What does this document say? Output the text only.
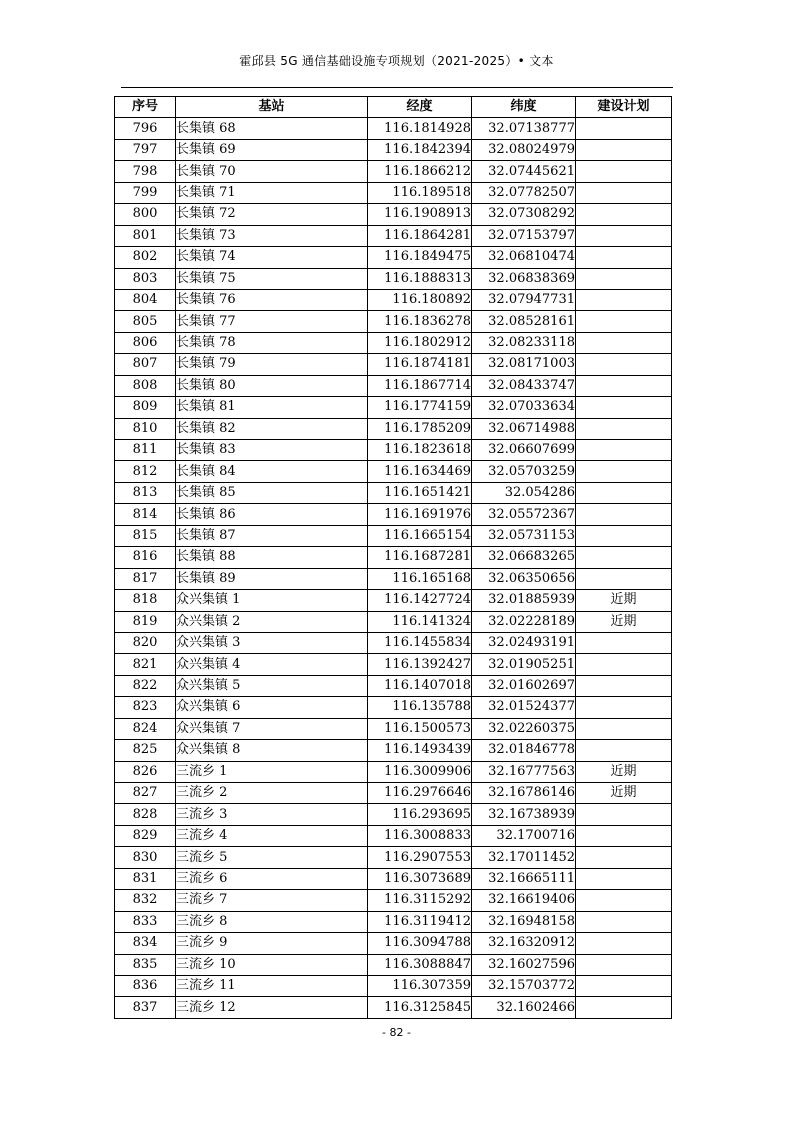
霍邱县 5G 通信基础设施专项规划（2021-2025）• 文本
序号	基站	经度	纬度	建设计划
796	长集镇 68	116.1814928	32.07138777	
797	长集镇 69	116.1842394	32.08024979	
798	长集镇 70	116.1866212	32.07445621	
799	长集镇 71	116.189518	32.07782507	
800	长集镇 72	116.1908913	32.07308292	
801	长集镇 73	116.1864281	32.07153797	
802	长集镇 74	116.1849475	32.06810474	
803	长集镇 75	116.1888313	32.06838369	
804	长集镇 76	116.180892	32.07947731	
805	长集镇 77	116.1836278	32.08528161	
806	长集镇 78	116.1802912	32.08233118	
807	长集镇 79	116.1874181	32.08171003	
808	长集镇 80	116.1867714	32.08433747	
809	长集镇 81	116.1774159	32.07033634	
810	长集镇 82	116.1785209	32.06714988	
811	长集镇 83	116.1823618	32.06607699	
812	长集镇 84	116.1634469	32.05703259	
813	长集镇 85	116.1651421	32.054286	
814	长集镇 86	116.1691976	32.05572367	
815	长集镇 87	116.1665154	32.05731153	
816	长集镇 88	116.1687281	32.06683265	
817	长集镇 89	116.165168	32.06350656	
818	众兴集镇 1	116.1427724	32.01885939	近期
819	众兴集镇 2	116.141324	32.02228189	近期
820	众兴集镇 3	116.1455834	32.02493191	
821	众兴集镇 4	116.1392427	32.01905251	
822	众兴集镇 5	116.1407018	32.01602697	
823	众兴集镇 6	116.135788	32.01524377	
824	众兴集镇 7	116.1500573	32.02260375	
825	众兴集镇 8	116.1493439	32.01846778	
826	三流乡 1	116.3009906	32.16777563	近期
827	三流乡 2	116.2976646	32.16786146	近期
828	三流乡 3	116.293695	32.16738939	
829	三流乡 4	116.3008833	32.1700716	
830	三流乡 5	116.2907553	32.17011452	
831	三流乡 6	116.3073689	32.16665111	
832	三流乡 7	116.3115292	32.16619406	
833	三流乡 8	116.3119412	32.16948158	
834	三流乡 9	116.3094788	32.16320912	
835	三流乡 10	116.3088847	32.16027596	
836	三流乡 11	116.307359	32.15703772	
837	三流乡 12	116.3125845	32.1602466	
- 82 -
